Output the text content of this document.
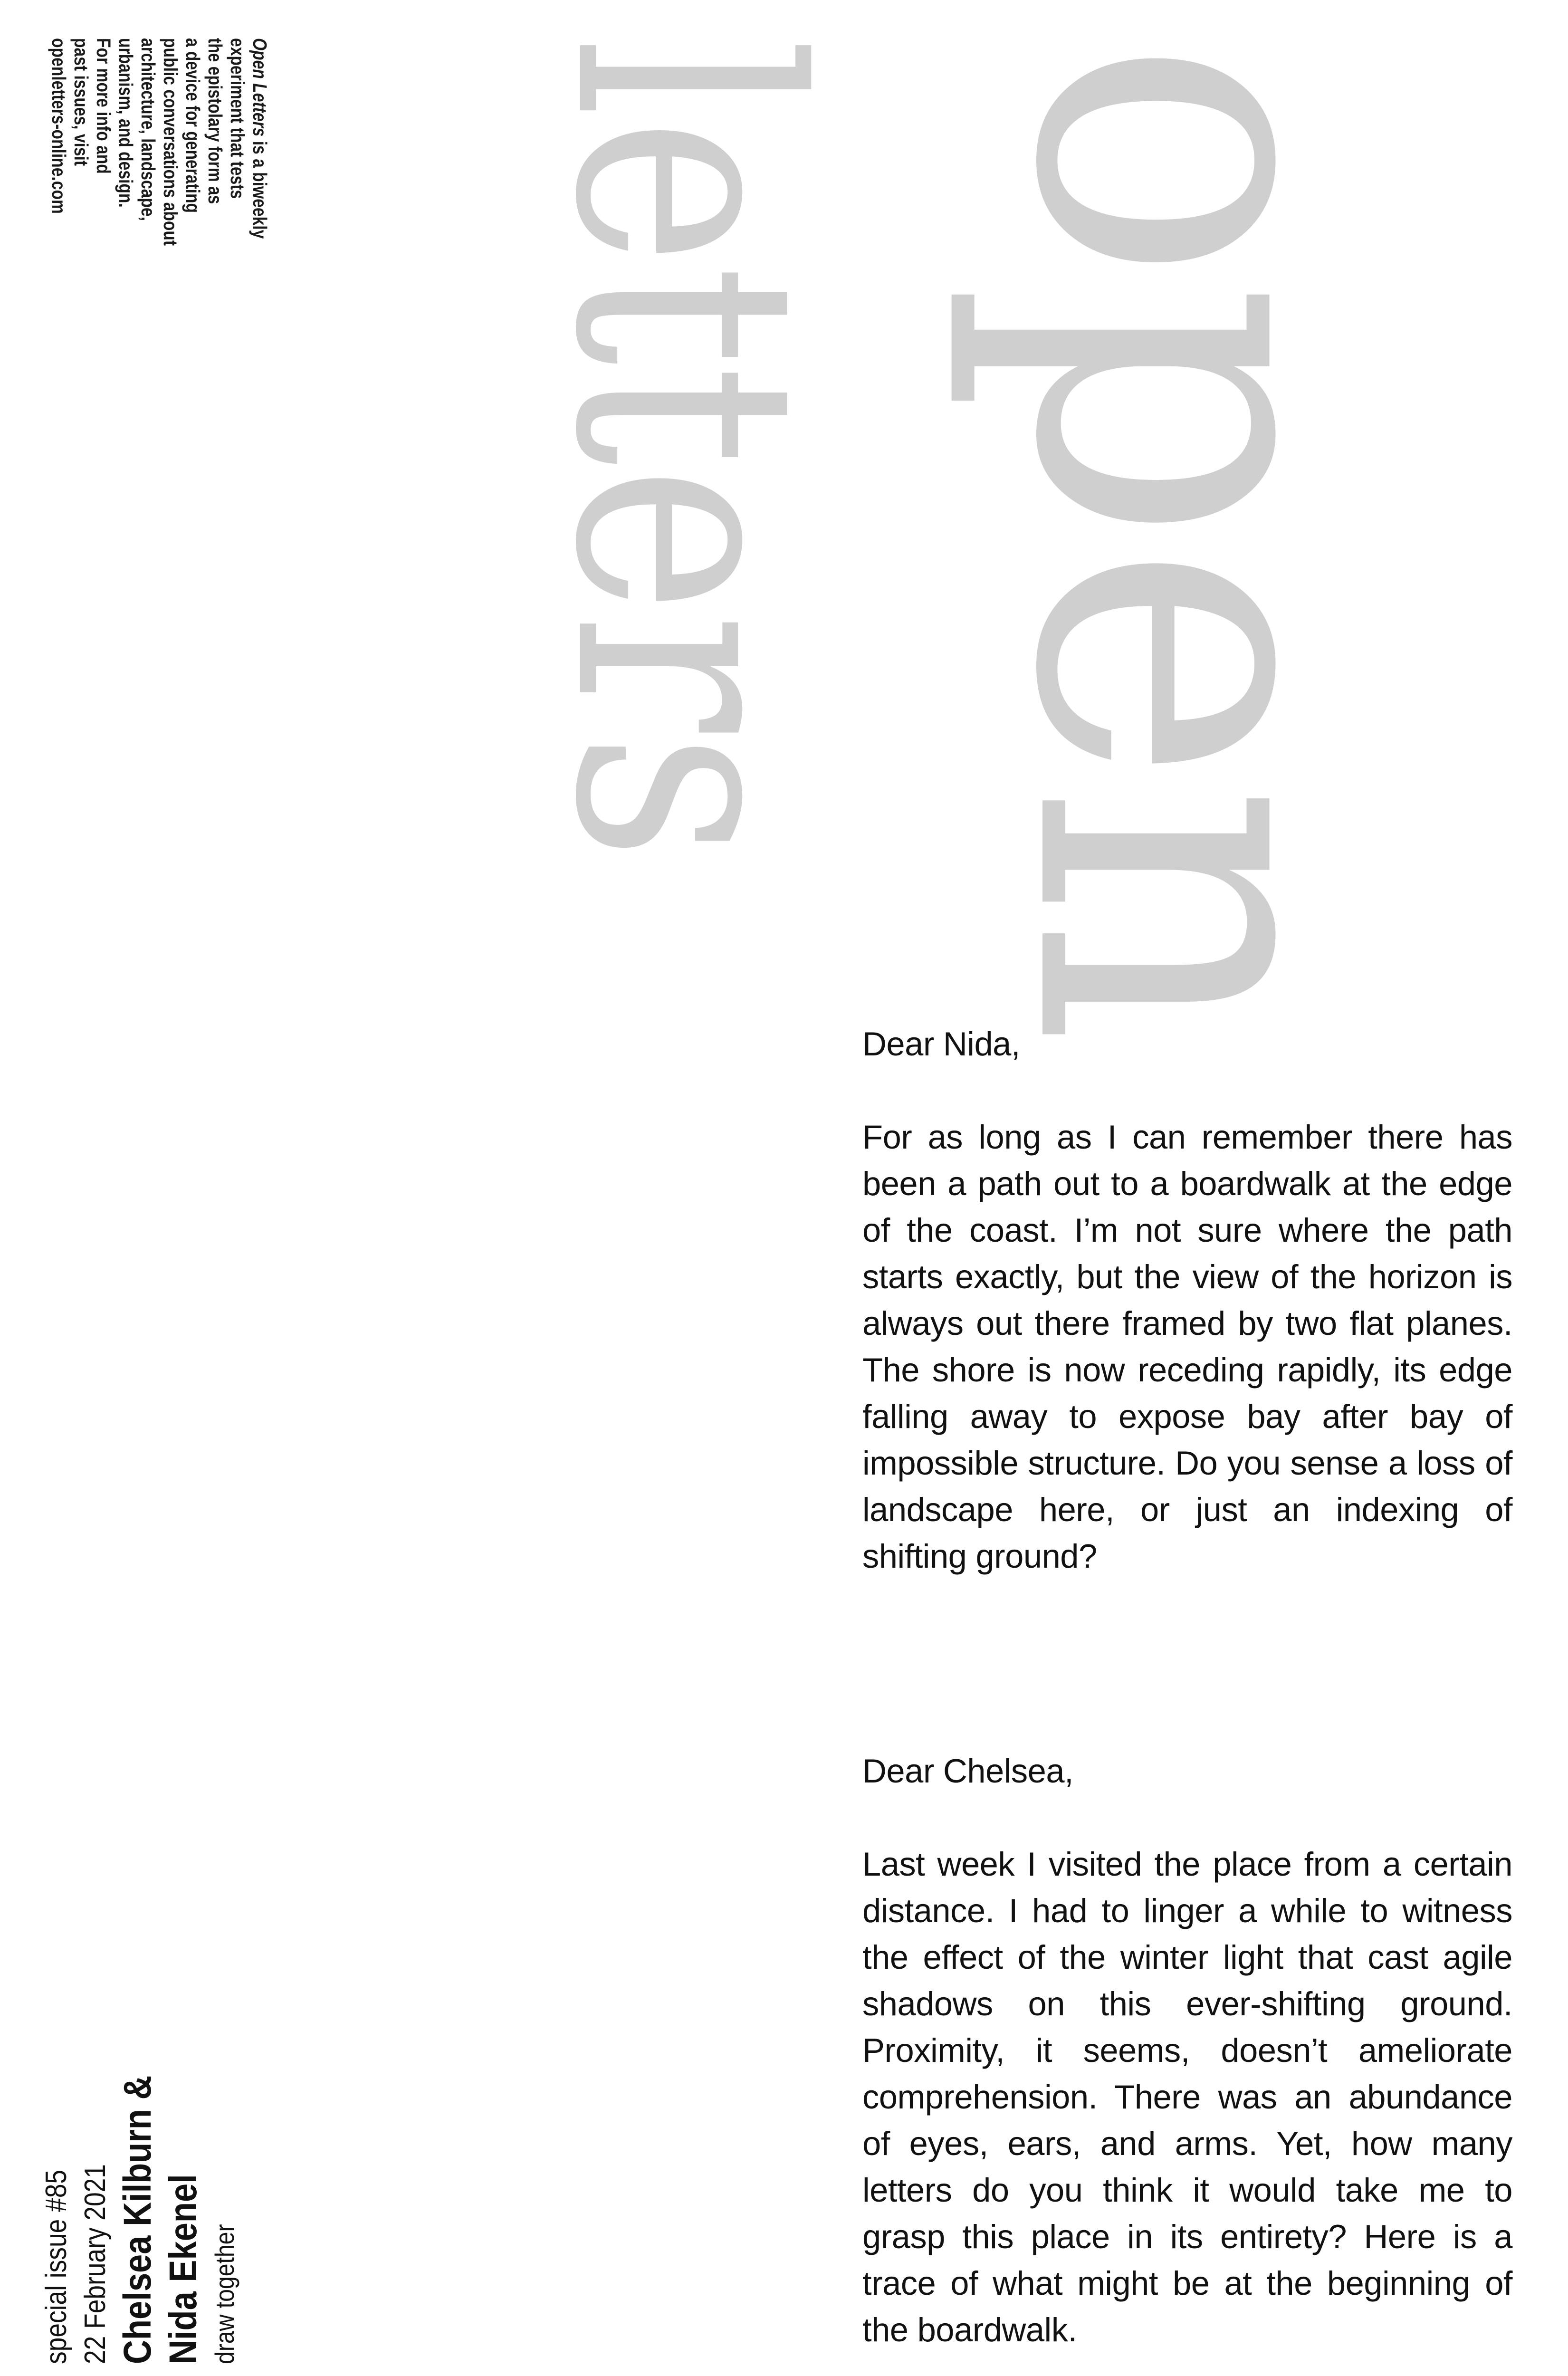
letters open
Open Letters is a biweekly
experiment that tests
the epistolary form as
a device for generating
public conversations about
architecture, landscape,
urbanism, and design.
For more info and
past issues, visit
openletters-online.com
special issue #85 22 February 2021 Chelsea Kilburn & Nida Ekenel draw together

Dear Nida,

For as long as I can remember there has been a path out to a boardwalk at the edge of the coast. I’m not sure where the path starts exactly, but the view of the horizon is always out there framed by two flat planes. The shore is now receding rapidly, its edge falling away to expose bay after bay of impossible structure. Do you sense a loss of landscape here, or just an indexing of shifting ground?

Dear Chelsea,

Last week I visited the place from a certain distance. I had to linger a while to witness the effect of the winter light that cast agile shadows on this ever-shifting ground. Proximity, it seems, doesn’t ameliorate comprehension. There was an abundance of eyes, ears, and arms. Yet, how many letters do you think it would take me to grasp this place in its entirety? Here is a trace of what might be at the beginning of the boardwalk.
